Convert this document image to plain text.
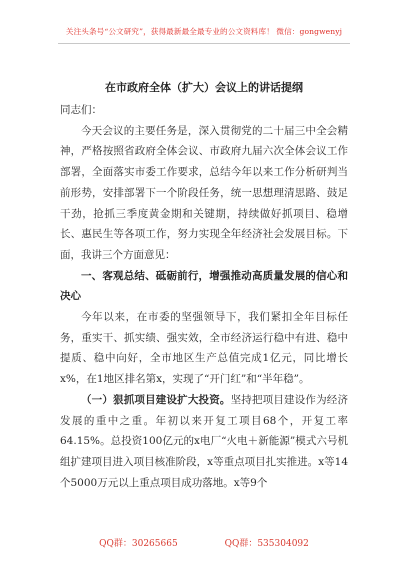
关注头条号“公文研究”，获得最新最全最专业的公文资料库！ 微信：gongwenyj
在市政府全体（扩大）会议上的讲话提纲

同志们：

今天会议的主要任务是，深入贯彻党的二十届三中全会精神，严格按照省政府全体会议、市政府九届六次全体会议工作部署，全面落实市委工作要求，总结今年以来工作分析研判当前形势，安排部署下一个阶段任务，统一思想理清思路、鼓足干劲，抢抓三季度黄金期和关键期，持续做好抓项目、稳增长、惠民生等各项工作，努力实现全年经济社会发展目标。下面，我讲三个方面意见：

一、客观总结、砥砺前行，增强推动高质量发展的信心和决心

今年以来，在市委的坚强领导下，我们紧扣全年目标任务，重实干、抓实绩、强实效，全市经济运行稳中有进、稳中提质、稳中向好，全市地区生产总值完成1亿元，同比增长x%，在1地区排名第x，实现了“开门红”和“半年稳”。

（一）狠抓项目建设扩大投资。坚持把项目建设作为经济发展的重中之重。年初以来开复工项目68个，开复工率64.15%。总投资100亿元的x电厂“火电＋新能源”模式六号机组扩建项目进入项目核准阶段，x等重点项目扎实推进。x等14个5000万元以上重点项目成功落地。x等9个

QQ群：30265665	QQ群：535304092
